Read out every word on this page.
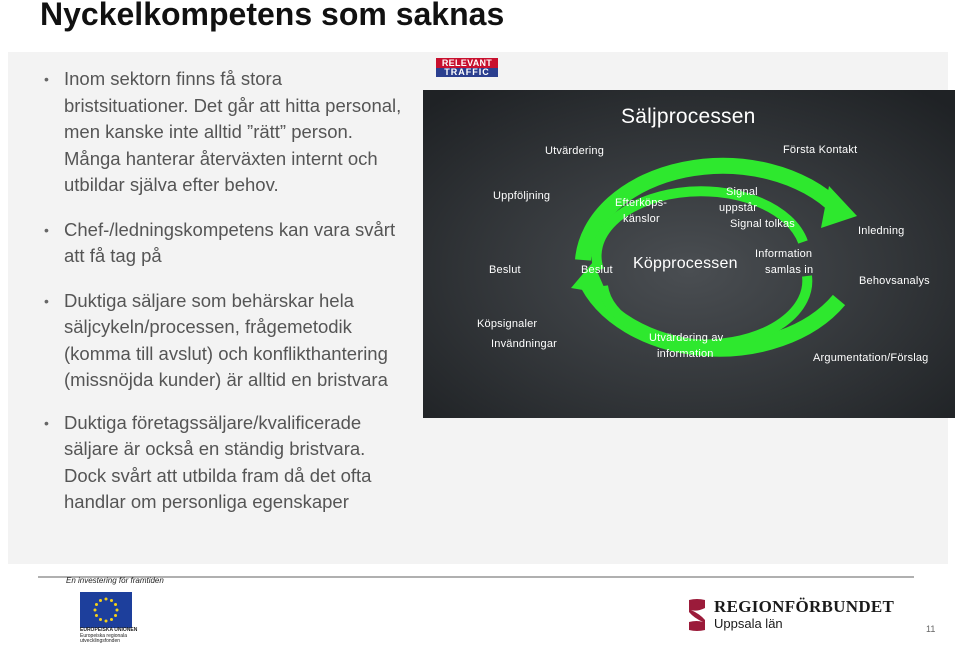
Nyckelkompetens som saknas

• Inom sektorn finns få stora bristsituationer. Det går att hitta personal, men kanske inte alltid ”rätt” person. Många hanterar återväxten internt och utbildar själva efter behov.

• Chef-/ledningskompetens kan vara svårt att få tag på

• Duktiga säljare som behärskar hela säljcykeln/processen, frågemetodik (komma till avslut) och konflikthantering (missnöjda kunder) är alltid en bristvara

• Duktiga företagssäljare/kvalificerade säljare är också en ständig bristvara. Dock svårt att utbilda fram då det ofta handlar om personliga egenskaper

RELEVANT
TRAFFIC
Säljprocessen
Utvärdering	Första Kontakt
Uppföljning
Efterköps-
känslor
Signal
uppstår
Signal tolkas
Inledning
Beslut	Beslut Köpprocessen
Information
samlas in
Behovsanalys
Köpsignaler
Invändningar	Utvärdering av
information	Argumentation/Förslag
En investering för framtiden
EUROPEISKA UNIONEN
Europeiska regionala
utvecklingsfonden
REGIONFÖRBUNDET
Uppsala län	11
